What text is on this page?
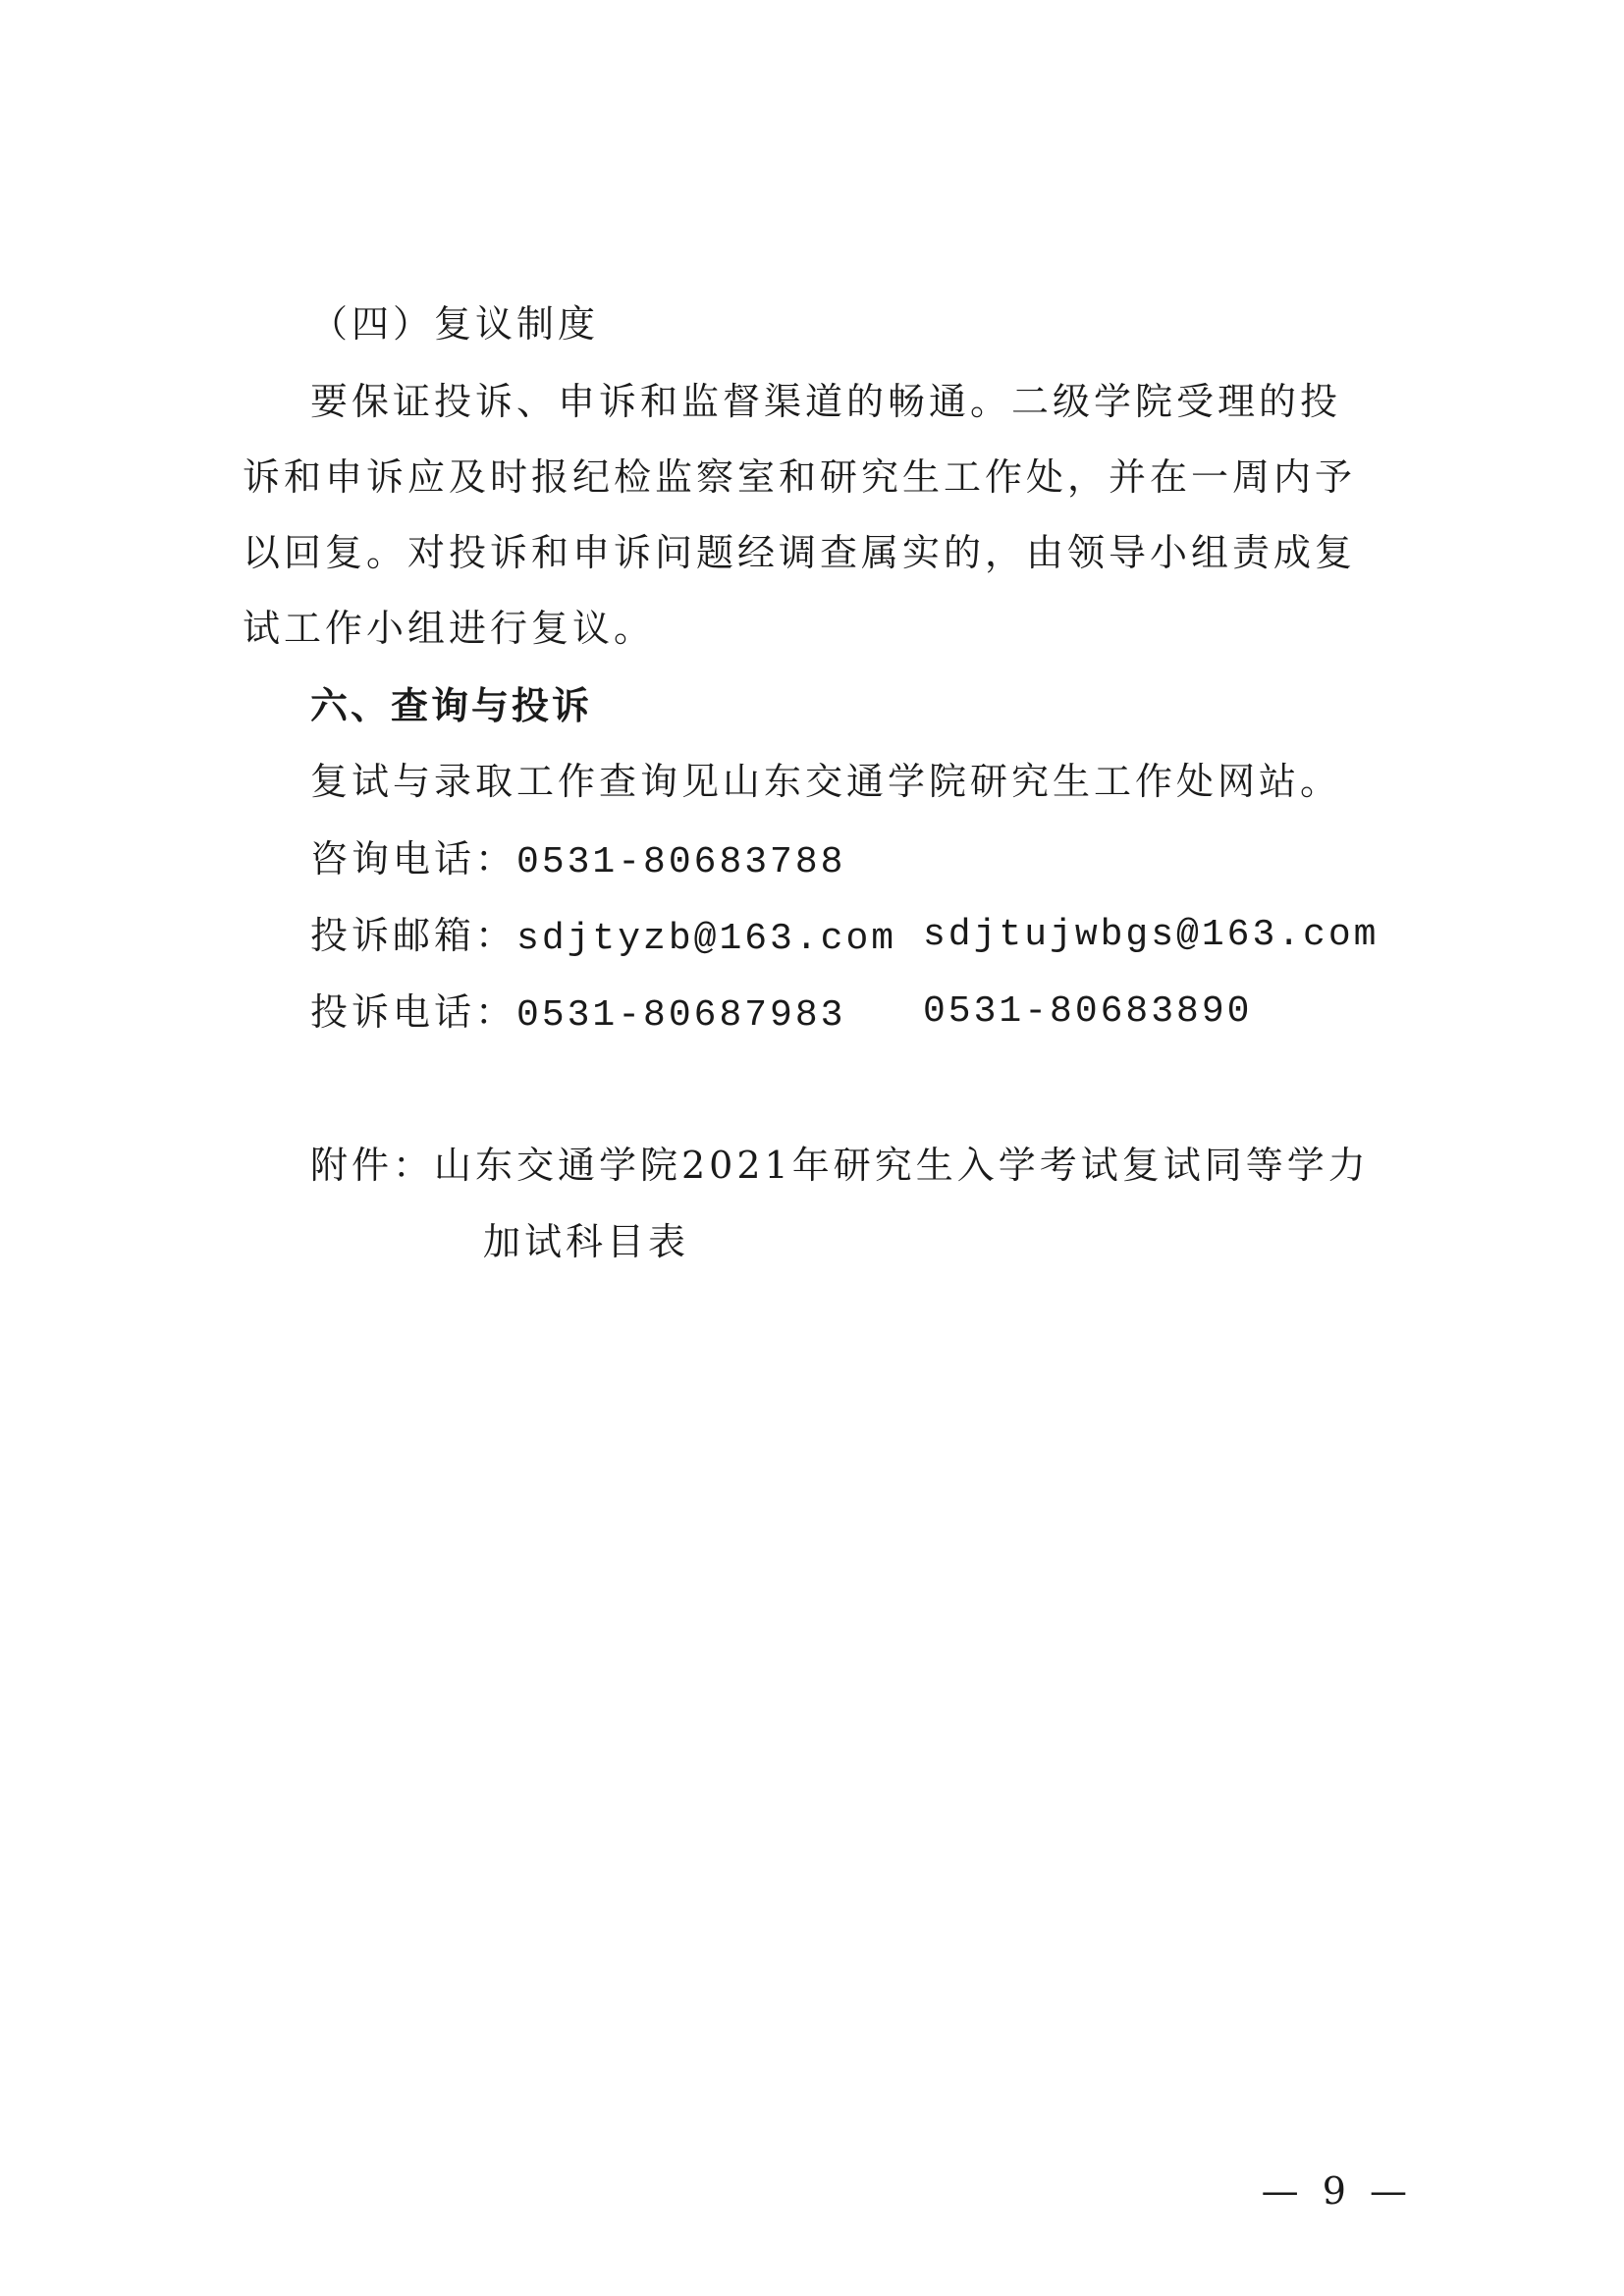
（四）复议制度
要保证投诉、申诉和监督渠道的畅通。二级学院受理的投
诉和申诉应及时报纪检监察室和研究生工作处，并在一周内予
以回复。对投诉和申诉问题经调查属实的，由领导小组责成复
试工作小组进行复议。
六、查询与投诉
复试与录取工作查询见山东交通学院研究生工作处网站。
咨询电话：0531-80683788
投诉邮箱：sdjtyzb@163.com sdjtujwbgs@163.com
投诉电话：0531-80687983 0531-80683890
附件：山东交通学院2021年研究生入学考试复试同等学力
加试科目表
— 9 —
